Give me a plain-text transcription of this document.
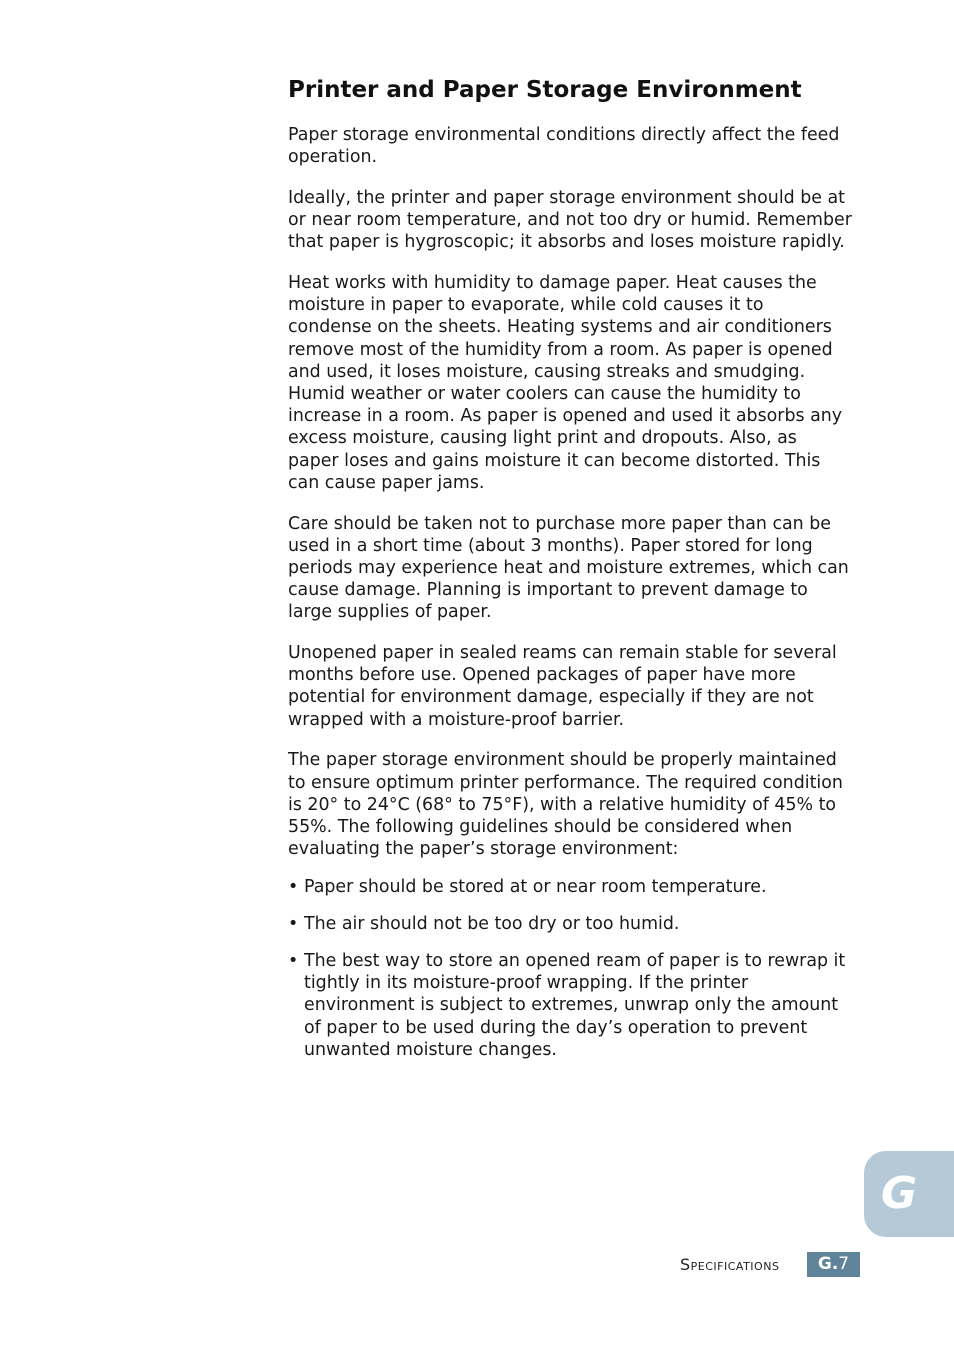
Printer and Paper Storage Environment

Paper storage environmental conditions directly affect the feed operation.

Ideally, the printer and paper storage environment should be at or near room temperature, and not too dry or humid. Remember that paper is hygroscopic; it absorbs and loses moisture rapidly.

Heat works with humidity to damage paper. Heat causes the moisture in paper to evaporate, while cold causes it to condense on the sheets. Heating systems and air conditioners remove most of the humidity from a room. As paper is opened and used, it loses moisture, causing streaks and smudging. Humid weather or water coolers can cause the humidity to increase in a room. As paper is opened and used it absorbs any excess moisture, causing light print and dropouts. Also, as paper loses and gains moisture it can become distorted. This can cause paper jams.

Care should be taken not to purchase more paper than can be used in a short time (about 3 months). Paper stored for long periods may experience heat and moisture extremes, which can cause damage. Planning is important to prevent damage to large supplies of paper.

Unopened paper in sealed reams can remain stable for several months before use. Opened packages of paper have more potential for environment damage, especially if they are not wrapped with a moisture-proof barrier.

The paper storage environment should be properly maintained to ensure optimum printer performance. The required condition is 20° to 24°C (68° to 75°F), with a relative humidity of 45% to 55%. The following guidelines should be considered when evaluating the paper’s storage environment:

• Paper should be stored at or near room temperature.
• The air should not be too dry or too humid.
• The best way to store an opened ream of paper is to rewrap it tightly in its moisture-proof wrapping. If the printer environment is subject to extremes, unwrap only the amount of paper to be used during the day’s operation to prevent unwanted moisture changes.
G
Specifications	G.7
